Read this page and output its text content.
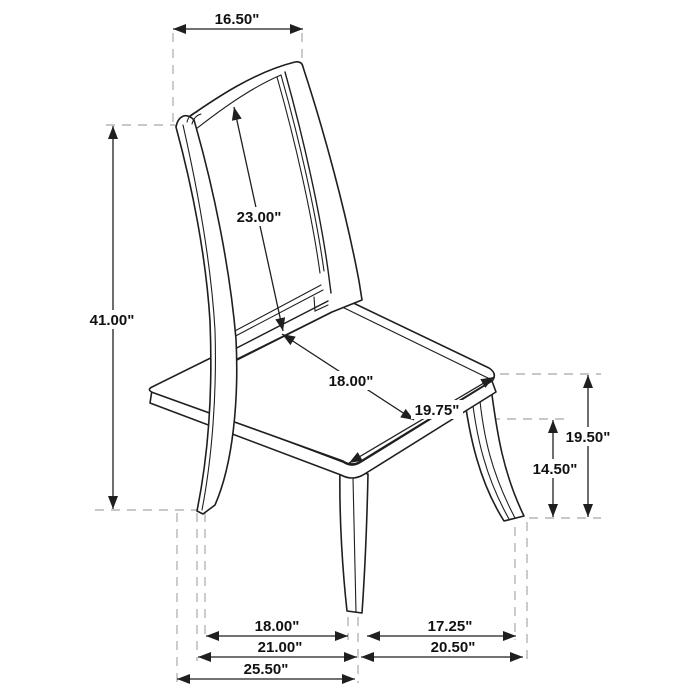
16.50"
41.00"
23.00"
18.00"
19.75"
19.50"
14.50"
18.00"	17.25"
21.00"	20.50"
25.50"
